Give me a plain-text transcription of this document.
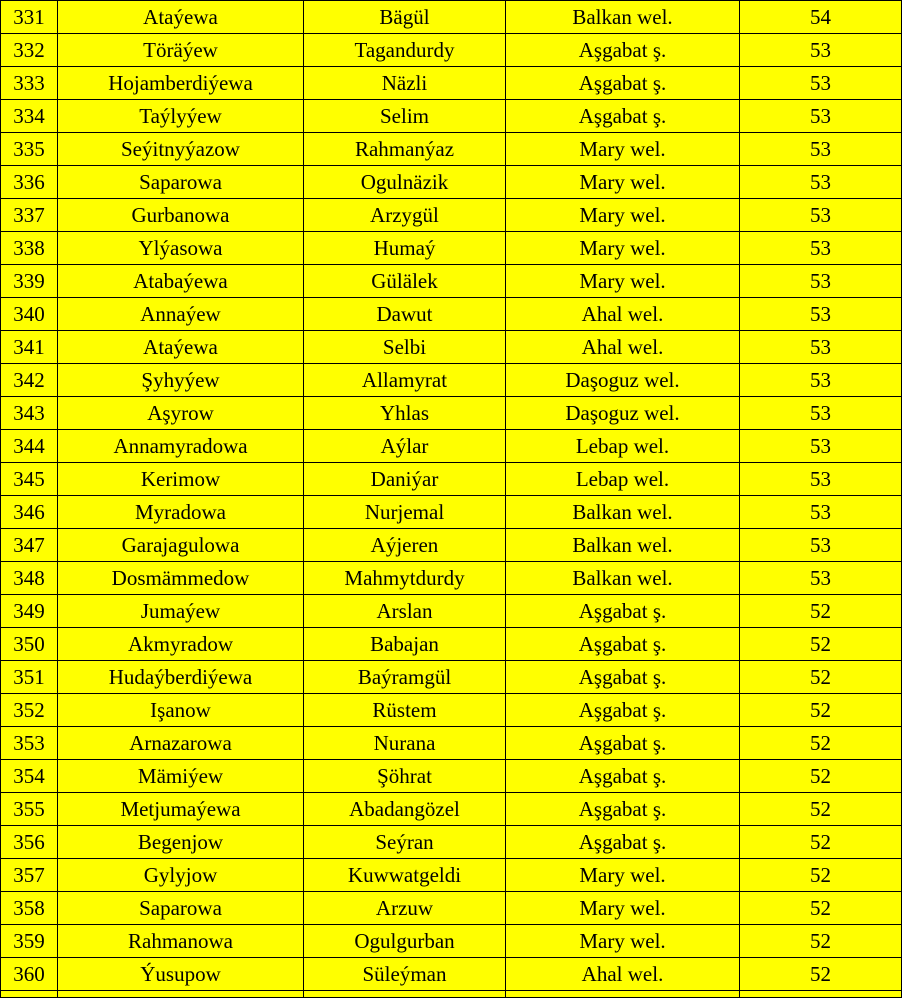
331	Ataýewa	Bägül	Balkan wel.	54
332	Töräýew	Tagandurdy	Aşgabat ş.	53
333	Hojamberdiýewa	Näzli	Aşgabat ş.	53
334	Taýlyýew	Selim	Aşgabat ş.	53
335	Seýitnyýazow	Rahmanýaz	Mary wel.	53
336	Saparowa	Ogulnäzik	Mary wel.	53
337	Gurbanowa	Arzygül	Mary wel.	53
338	Ylýasowa	Humaý	Mary wel.	53
339	Atabaýewa	Gülälek	Mary wel.	53
340	Annaýew	Dawut	Ahal wel.	53
341	Ataýewa	Selbi	Ahal wel.	53
342	Şyhyýew	Allamyrat	Daşoguz wel.	53
343	Aşyrow	Yhlas	Daşoguz wel.	53
344	Annamyradowa	Aýlar	Lebap wel.	53
345	Kerimow	Daniýar	Lebap wel.	53
346	Myradowa	Nurjemal	Balkan wel.	53
347	Garajagulowa	Aýjeren	Balkan wel.	53
348	Dosmämmedow	Mahmytdurdy	Balkan wel.	53
349	Jumaýew	Arslan	Aşgabat ş.	52
350	Akmyradow	Babajan	Aşgabat ş.	52
351	Hudaýberdiýewa	Baýramgül	Aşgabat ş.	52
352	Işanow	Rüstem	Aşgabat ş.	52
353	Arnazarowa	Nurana	Aşgabat ş.	52
354	Mämiýew	Şöhrat	Aşgabat ş.	52
355	Metjumaýewa	Abadangözel	Aşgabat ş.	52
356	Begenjow	Seýran	Aşgabat ş.	52
357	Gylyjow	Kuwwatgeldi	Mary wel.	52
358	Saparowa	Arzuw	Mary wel.	52
359	Rahmanowa	Ogulgurban	Mary wel.	52
360	Ýusupow	Süleýman	Ahal wel.	52
